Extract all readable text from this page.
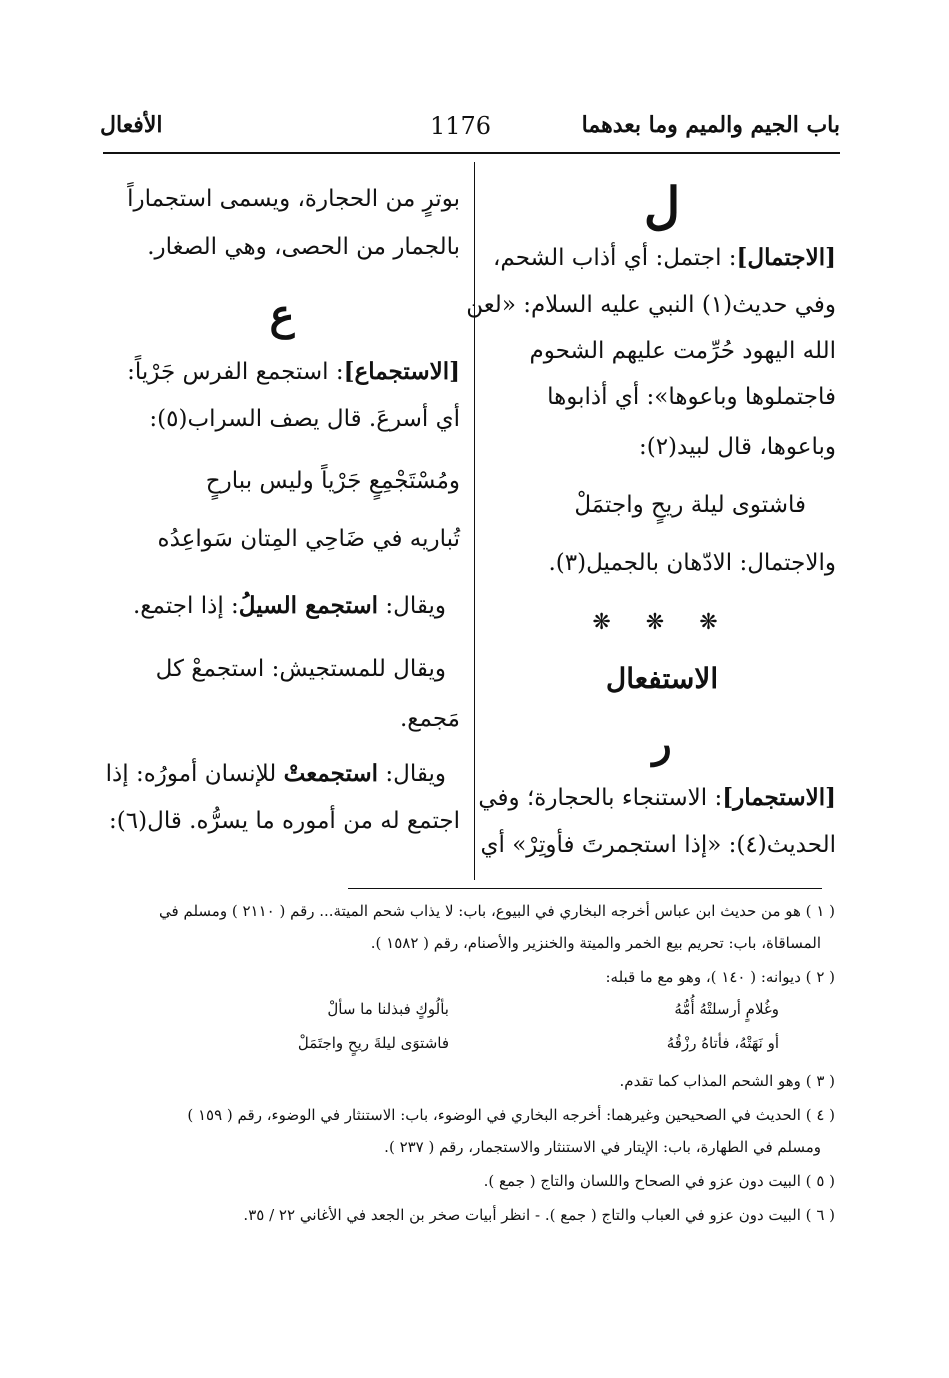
باب الجيم والميم وما بعدهما
1176
الأفعال
ل
[الاجتمال]: اجتمل: أي أذاب الشحم،
وفي حديث(١) النبي عليه السلام: «لعن
الله اليهود حُرِّمت عليهم الشحوم
فاجتملوها وباعوها»: أي أذابوها
وباعوها، قال لبيد(٢):
فاشتوى ليلة ريحٍ واجتمَلْ
والاجتمال: الادّهان بالجميل(٣).
❋ ❋ ❋
الاستفعال
ر
[الاستجمار]: الاستنجاء بالحجارة؛ وفي
الحديث(٤): «إذا استجمرتَ فأوتِرْ» أي
بوترٍ من الحجارة، ويسمى استجماراً
بالجمار من الحصى، وهي الصغار.
ع
[الاستجماع]: استجمع الفرس جَرْياً:
أي أسرعَ. قال يصف السراب(٥):
ومُسْتَجْمِعٍ جَرْياً وليس ببارحٍ
تُباريه في ضَاحِي المِتان سَواعِدُه
ويقال: استجمع السيلُ: إذا اجتمع.
ويقال للمستجيش: استجمعْ كل
مَجمع.
ويقال: استجمعتْ للإنسان أمورُه: إذا
اجتمع له من أموره ما يسرُّه. قال(٦):
( ١ ) هو من حديث ابن عباس أخرجه البخاري في البيوع، باب: لا يذاب شحم الميتة... رقم ( ٢١١٠ ) ومسلم في
المساقاة، باب: تحريم بيع الخمر والميتة والخنزير والأصنام، رقم ( ١٥٨٢ ).
( ٢ ) ديوانه: ( ١٤٠ )، وهو مع ما قبله:
وغُلامٍ أرسلتْهُ أُمُّهُ
بألُوكٍ فبذلنا ما سألْ
أو نَهَتْهُ، فأتاهُ رزْقُهُ
فاشتوَى ليلةَ ريحٍ واجتَمَلْ
( ٣ ) وهو الشحم المذاب كما تقدم.
( ٤ ) الحديث في الصحيحين وغيرهما: أخرجه البخاري في الوضوء، باب: الاستنثار في الوضوء، رقم ( ١٥٩ )
ومسلم في الطهارة، باب: الإيتار في الاستنثار والاستجمار، رقم ( ٢٣٧ ).
( ٥ ) البيت دون عزو في الصحاح واللسان والتاج ( جمع ).
( ٦ ) البيت دون عزو في العباب والتاج ( جمع ). - انظر أبيات صخر بن الجعد في الأغاني ٢٢ / ٣٥.
